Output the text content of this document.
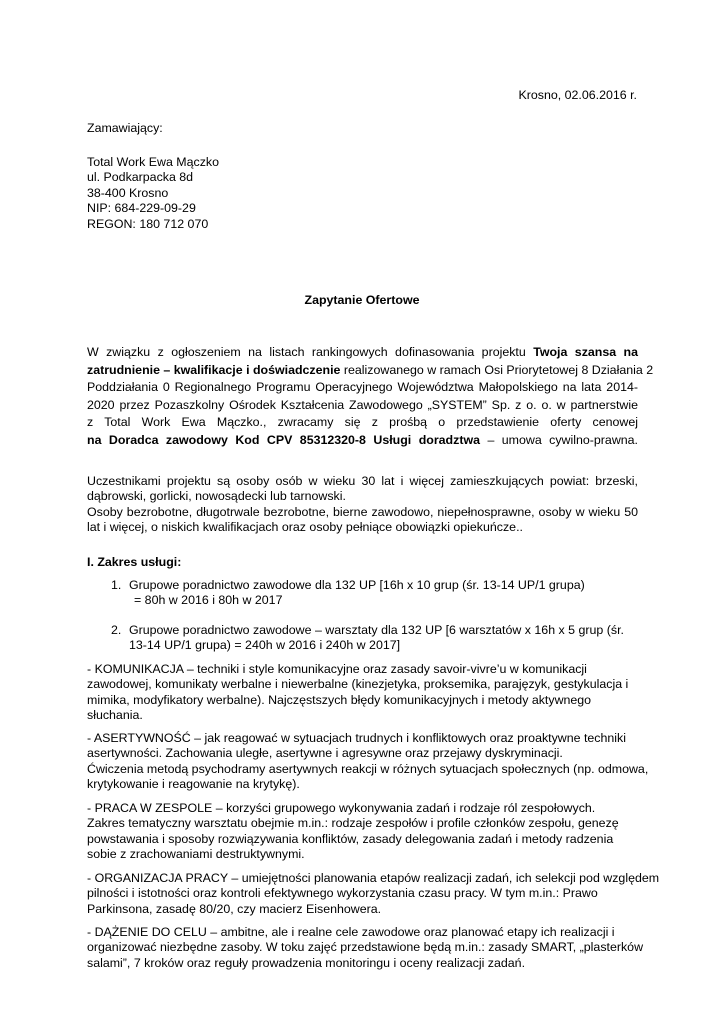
Krosno, 02.06.2016 r.
Zamawiający:
Total Work Ewa Mączko
ul. Podkarpacka 8d
38-400 Krosno
NIP: 684-229-09-29
REGON: 180 712 070
Zapytanie Ofertowe
W związku z ogłoszeniem na listach rankingowych dofinasowania projektu Twoja szansa na
zatrudnienie – kwalifikacje i doświadczenie realizowanego w ramach Osi Priorytetowej 8 Działania 2
Poddziałania 0 Regionalnego Programu Operacyjnego Województwa Małopolskiego na lata 2014-
2020 przez Pozaszkolny Ośrodek Kształcenia Zawodowego „SYSTEM” Sp. z o. o. w partnerstwie
z Total Work Ewa Mączko., zwracamy się z prośbą o przedstawienie oferty cenowej
na Doradca zawodowy Kod CPV 85312320-8 Usługi doradztwa – umowa cywilno-prawna.
Uczestnikami projektu są osoby osób w wieku 30 lat i więcej zamieszkujących powiat: brzeski,
dąbrowski, gorlicki, nowosądecki lub tarnowski.
Osoby bezrobotne, długotrwale bezrobotne, bierne zawodowo, niepełnosprawne, osoby w wieku 50
lat i więcej, o niskich kwalifikacjach oraz osoby pełniące obowiązki opiekuńcze..
I. Zakres usługi:
1. Grupowe poradnictwo zawodowe dla 132 UP [16h x 10 grup (śr. 13-14 UP/1 grupa)
= 80h w 2016 i 80h w 2017
2. Grupowe poradnictwo zawodowe – warsztaty dla 132 UP [6 warsztatów x 16h x 5 grup (śr.
13-14 UP/1 grupa) = 240h w 2016 i 240h w 2017]
- KOMUNIKACJA – techniki i style komunikacyjne oraz zasady savoir-vivre’u w komunikacji
zawodowej, komunikaty werbalne i niewerbalne (kinezjetyka, proksemika, parajęzyk, gestykulacja i
mimika, modyfikatory werbalne). Najczęstszych błędy komunikacyjnych i metody aktywnego
słuchania.
- ASERTYWNOŚĆ – jak reagować w sytuacjach trudnych i konfliktowych oraz proaktywne techniki
asertywności. Zachowania uległe, asertywne i agresywne oraz przejawy dyskryminacji.
Ćwiczenia metodą psychodramy asertywnych reakcji w różnych sytuacjach społecznych (np. odmowa,
krytykowanie i reagowanie na krytykę).
- PRACA W ZESPOLE – korzyści grupowego wykonywania zadań i rodzaje ról zespołowych.
Zakres tematyczny warsztatu obejmie m.in.: rodzaje zespołów i profile członków zespołu, genezę
powstawania i sposoby rozwiązywania konfliktów, zasady delegowania zadań i metody radzenia
sobie z zrachowaniami destruktywnymi.
- ORGANIZACJA PRACY – umiejętności planowania etapów realizacji zadań, ich selekcji pod względem
pilności i istotności oraz kontroli efektywnego wykorzystania czasu pracy. W tym m.in.: Prawo
Parkinsona, zasadę 80/20, czy macierz Eisenhowera.
- DĄŻENIE DO CELU – ambitne, ale i realne cele zawodowe oraz planować etapy ich realizacji i
organizować niezbędne zasoby. W toku zajęć przedstawione będą m.in.: zasady SMART, „plasterków
salami”, 7 kroków oraz reguły prowadzenia monitoringu i oceny realizacji zadań.
